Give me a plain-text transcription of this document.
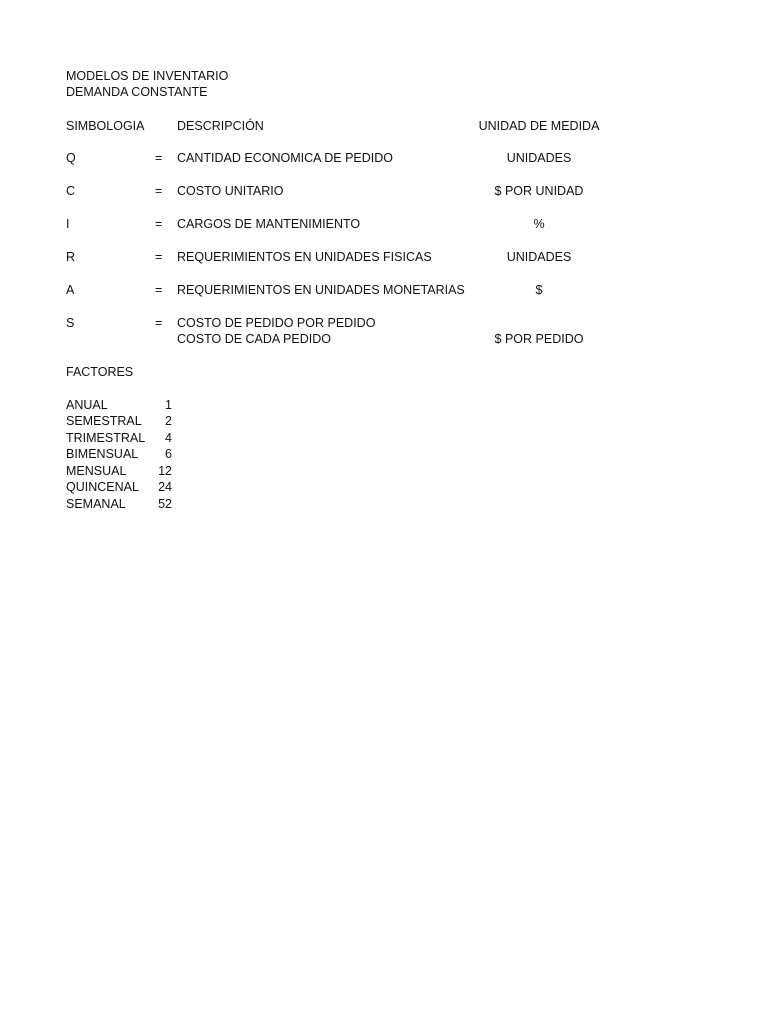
MODELOS DE INVENTARIO
DEMANDA CONSTANTE
SIMBOLOGIA	DESCRIPCIÓN	UNIDAD DE MEDIDA
Q	= CANTIDAD ECONOMICA DE PEDIDO	UNIDADES
C	= COSTO UNITARIO	$ POR UNIDAD
I	= CARGOS DE MANTENIMIENTO	%
R	= REQUERIMIENTOS EN UNIDADES FISICAS	UNIDADES
A	= REQUERIMIENTOS EN UNIDADES MONETARIAS	$
S	= COSTO DE PEDIDO POR PEDIDO
COSTO DE CADA PEDIDO	$ POR PEDIDO
FACTORES
ANUAL	1
SEMESTRAL	2
TRIMESTRAL	4
BIMENSUAL	6
MENSUAL	12
QUINCENAL	24
SEMANAL	52
